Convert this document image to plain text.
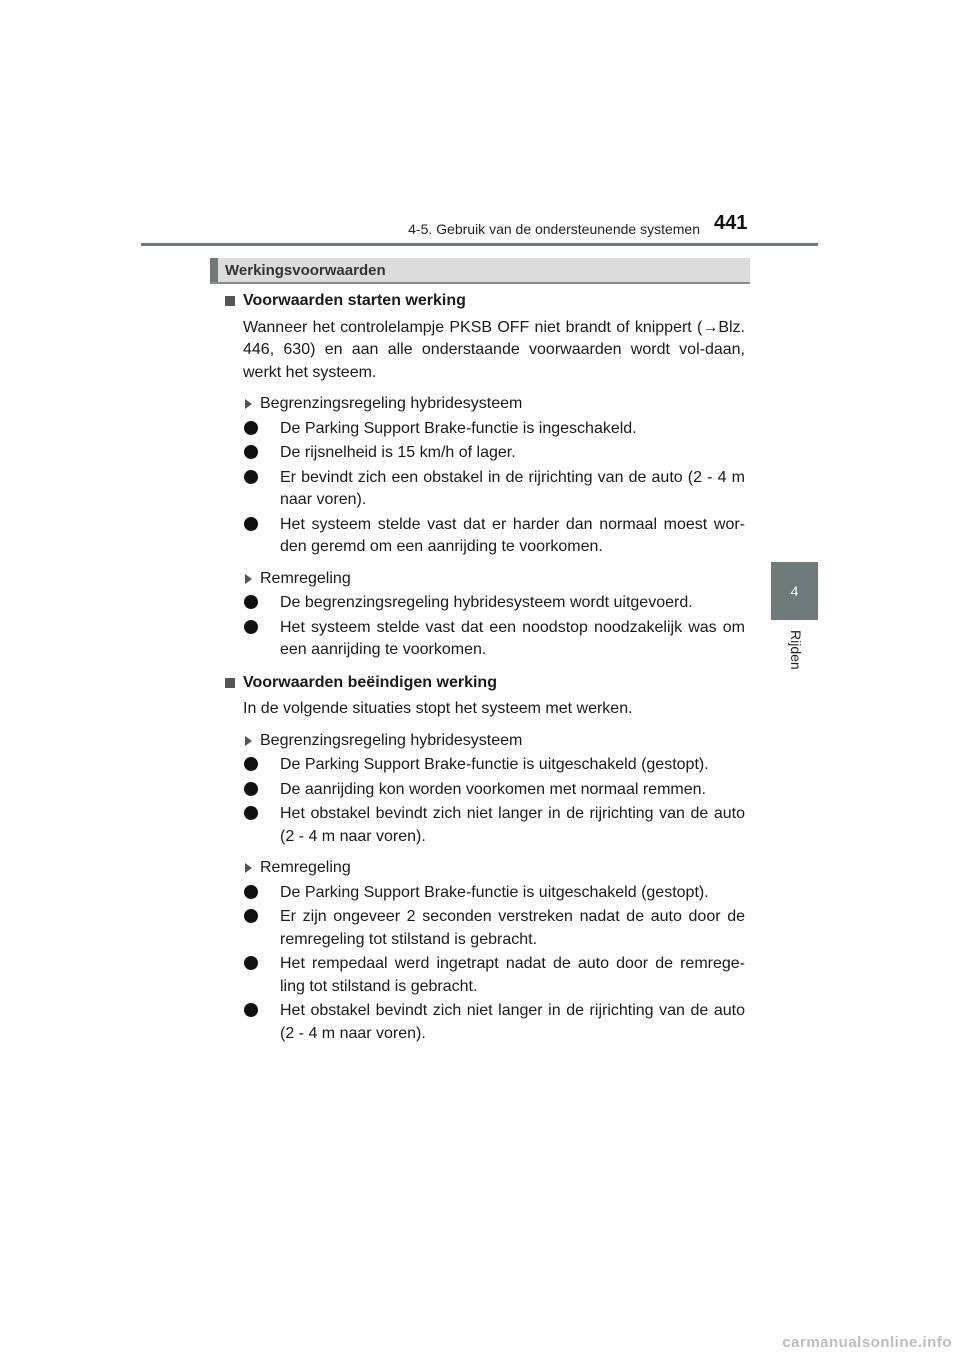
4-5. Gebruik van de ondersteunende systemen 441
4
Rijden
Werkingsvoorwaarden
Voorwaarden starten werking
Wanneer het controlelampje PKSB OFF niet brandt of knippert (→Blz. 446, 630) en aan alle onderstaande voorwaarden wordt vol-daan, werkt het systeem.
Begrenzingsregeling hybridesysteem
De Parking Support Brake-functie is ingeschakeld.
De rijsnelheid is 15 km/h of lager.
Er bevindt zich een obstakel in de rijrichting van de auto (2 - 4 m naar voren).
Het systeem stelde vast dat er harder dan normaal moest wor-den geremd om een aanrijding te voorkomen.
Remregeling
De begrenzingsregeling hybridesysteem wordt uitgevoerd.
Het systeem stelde vast dat een noodstop noodzakelijk was om een aanrijding te voorkomen.
Voorwaarden beëindigen werking
In de volgende situaties stopt het systeem met werken.
Begrenzingsregeling hybridesysteem
De Parking Support Brake-functie is uitgeschakeld (gestopt).
De aanrijding kon worden voorkomen met normaal remmen.
Het obstakel bevindt zich niet langer in de rijrichting van de auto (2 - 4 m naar voren).
Remregeling
De Parking Support Brake-functie is uitgeschakeld (gestopt).
Er zijn ongeveer 2 seconden verstreken nadat de auto door de remregeling tot stilstand is gebracht.
Het rempedaal werd ingetrapt nadat de auto door de remrege-ling tot stilstand is gebracht.
Het obstakel bevindt zich niet langer in de rijrichting van de auto (2 - 4 m naar voren).
carmanualsonline.info
